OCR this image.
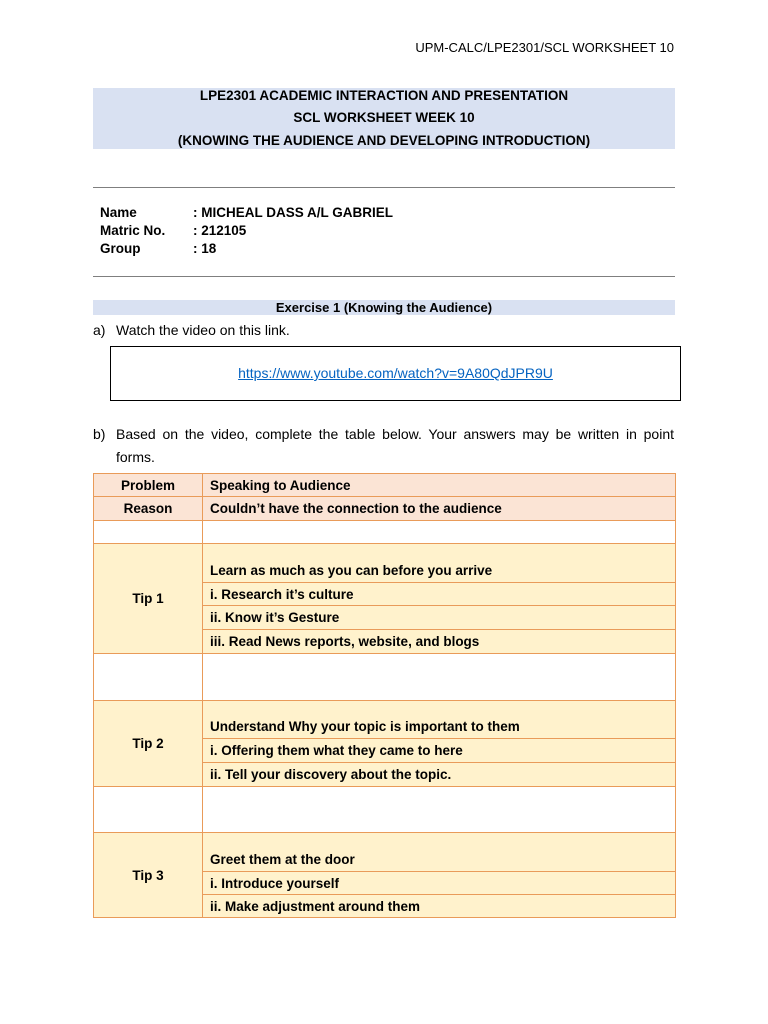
UPM-CALC/LPE2301/SCL WORKSHEET 10
LPE2301 ACADEMIC INTERACTION AND PRESENTATION
SCL WORKSHEET WEEK 10
(KNOWING THE AUDIENCE AND DEVELOPING INTRODUCTION)
Name	: MICHEAL DASS A/L GABRIEL
Matric No. : 212105
Group	: 18
Exercise 1 (Knowing the Audience)
a) Watch the video on this link.
https://www.youtube.com/watch?v=9A80QdJPR9U
b) Based on the video, complete the table below. Your answers may be written in point
forms.
Problem	Speaking to Audience
Reason	Couldn’t have the connection to the audience

Tip 1	Learn as much as you can before you arrive
	i. Research it’s culture
	ii. Know it’s Gesture
	iii. Read News reports, website, and blogs

Tip 2	Understand Why your topic is important to them
	i. Offering them what they came to here
	ii. Tell your discovery about the topic.

Tip 3	Greet them at the door
	i. Introduce yourself
	ii. Make adjustment around them
